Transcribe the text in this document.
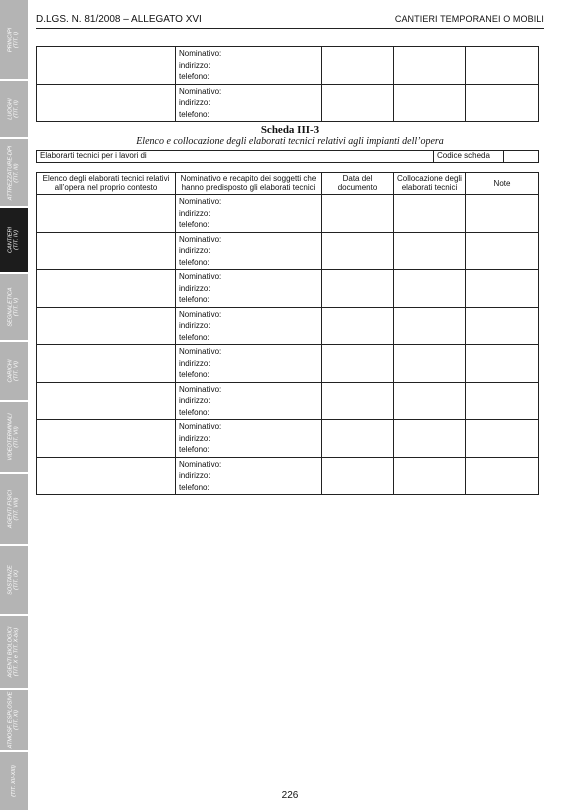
PRINCIPI (TIT. I)
LUOGHI (TIT. II)
ATTREZZATURE-DPI (TIT. III)
CANTIERI (TIT. IV)
SEGNALETICA (TIT. V)
CARICHI (TIT. VI)
VIDEOTERMINALI (TIT. VII)
AGENTI FISICI (TIT. VIII)
SOSTANZE (TIT. IX)
AGENTI BIOLOGICI (TIT. X e TIT. X-bis)
ATMOSF. ESPLOSIVE (TIT. XI)
(TIT. XII-XIII)
D.LGS. N. 81/2008 – ALLEGATO XVI	CANTIERI TEMPORANEI O MOBILI

	Nominativo:
indirizzo:
telefono:			

	Nominativo:
indirizzo:
telefono:			

Scheda III-3
Elenco e collocazione degli elaborati tecnici relativi agli impianti dell’opera
Elaborarti tecnici per i lavori di	Codice scheda	
Elenco degli elaborati tecnici relativi all’opera nel proprio contesto	Nominativo e recapito dei soggetti che hanno predisposto gli elaborati tecnici	Data del documento	Collocazione degli elaborati tecnici	Note

	Nominativo:
indirizzo:
telefono:			

	Nominativo:
indirizzo:
telefono:			

	Nominativo:
indirizzo:
telefono:			

	Nominativo:
indirizzo:
telefono:			

	Nominativo:
indirizzo:
telefono:			

	Nominativo:
indirizzo:
telefono:			

	Nominativo:
indirizzo:
telefono:			

	Nominativo:
indirizzo:
telefono:			

226
